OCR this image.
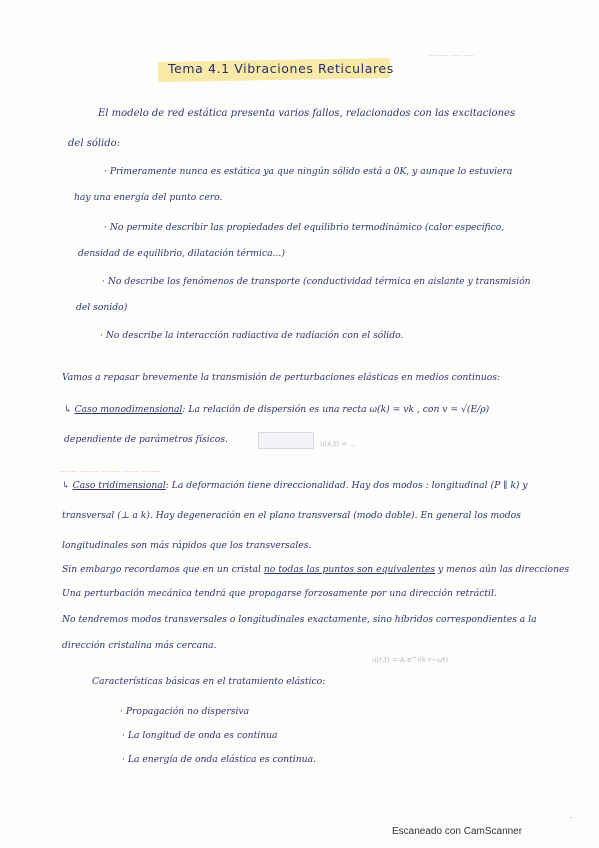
......... ..... .....
Tema 4.1 Vibraciones Reticulares
El modelo de red estática presenta varios fallos, relacionados con las excitaciones
del sólido:
· Primeramente nunca es estática ya que ningún sólido está a 0K, y aunque lo estuviera
hay una energía del punto cero.
· No permite describir las propiedades del equilibrio termodinámico (calor específico,
densidad de equilibrio, dilatación térmica...)
· No describe los fenómenos de transporte (conductividad térmica en aislante y transmisión
del sonido)
· No describe la interacción radiactiva de radiación con el sólido.
Vamos a repasar brevemente la transmisión de perturbaciones elásticas en medios continuos:
↳ Caso monodimensional: La relación de dispersión es una recta ω(k) = vk , con v = √(E/ρ)
dependiente de parámetros físicos.	u(x,t) = ...
........ ........ ......... ........ ........
↳ Caso tridimensional: La deformación tiene direccionalidad. Hay dos modos : longitudinal (P ∥ k) y
transversal (⊥ a k). Hay degeneración en el plano transversal (modo doble). En general los modos
longitudinales son más rápidos que los transversales.
Sin embargo recordamos que en un cristal no todas las puntos son equivalentes y menos aún las direcciones
Una perturbación mecánica tendrá que propagarse forzosamente por una dirección retráctil.
No tendremos modos transversales o longitudinales exactamente, sino híbridos correspondientes a la
dirección cristalina más cercana.
u(r,t) = A e^i(k·r−ωt)
Características básicas en el tratamiento elástico:
· Propagación no dispersiva
· La longitud de onda es continua
· La energía de onda elástica es continua.
·
Escaneado con CamScanner
